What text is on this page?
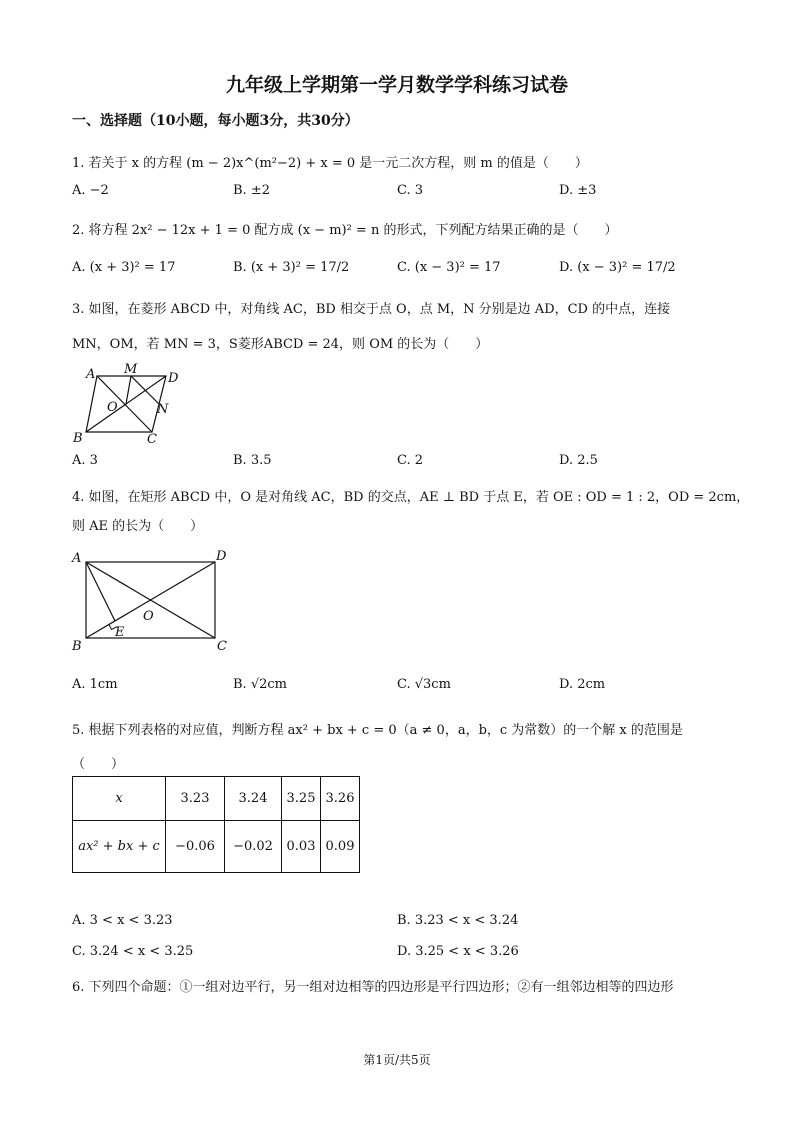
九年级上学期第一学月数学学科练习试卷
一、选择题（10小题，每小题3分，共30分）
1. 若关于 x 的方程 (m − 2)x^(m²−2) + x = 0 是一元二次方程，则 m 的值是（　　）
A. −2	B. ±2	C. 3	D. ±3
2. 将方程 2x² − 12x + 1 = 0 配方成 (x − m)² = n 的形式，下列配方结果正确的是（　　）
A. (x + 3)² = 17	B. (x + 3)² = 17/2	C. (x − 3)² = 17	D. (x − 3)² = 17/2
3. 如图，在菱形 ABCD 中，对角线 AC，BD 相交于点 O，点 M，N 分别是边 AD，CD 的中点，连接
MN，OM，若 MN = 3，S菱形ABCD = 24，则 OM 的长为（　　）
A M
D
O	N
B	C
A. 3	B. 3.5	C. 2	D. 2.5
4. 如图，在矩形 ABCD 中，O 是对角线 AC，BD 的交点，AE ⊥ BD 于点 E，若 OE : OD = 1 : 2，OD = 2cm，
则 AE 的长为（　　）
A	D
O
E
B	C
A. 1cm	B. √2cm	C. √3cm	D. 2cm
5. 根据下列表格的对应值，判断方程 ax² + bx + c = 0（a ≠ 0，a，b，c 为常数）的一个解 x 的范围是
（　　）
x	3.23	3.24	3.25	3.26
ax² + bx + c	−0.06	−0.02	0.03	0.09
A. 3 < x < 3.23	B. 3.23 < x < 3.24
C. 3.24 < x < 3.25	D. 3.25 < x < 3.26
6. 下列四个命题：①一组对边平行，另一组对边相等的四边形是平行四边形；②有一组邻边相等的四边形
第1页/共5页
